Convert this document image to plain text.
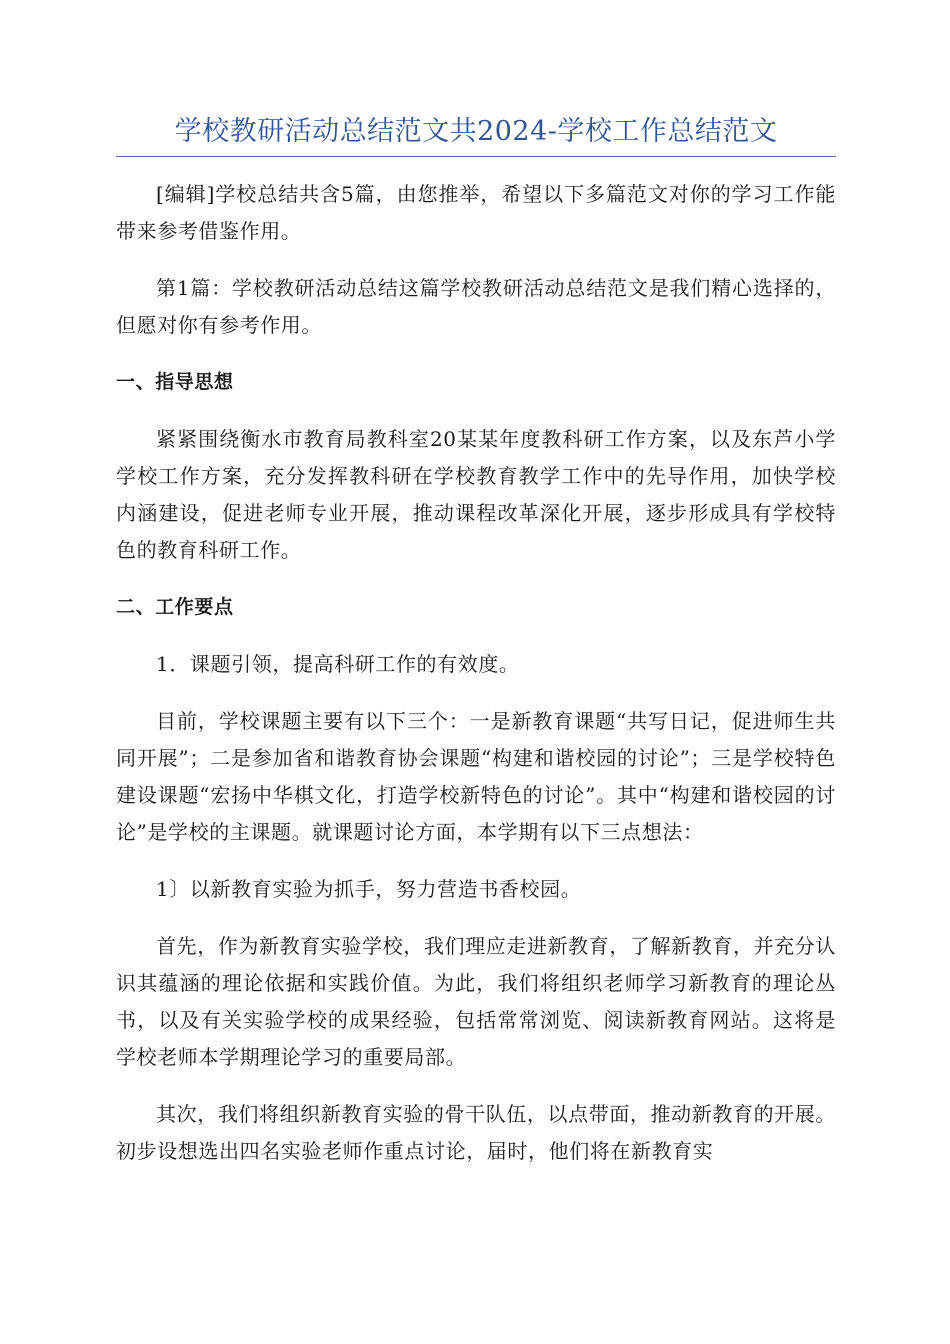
学校教研活动总结范文共2024-学校工作总结范文

[编辑]学校总结共含5篇，由您推举，希望以下多篇范文对你的学习工作能带来参考借鉴作用。

第1篇：学校教研活动总结这篇学校教研活动总结范文是我们精心选择的，但愿对你有参考作用。

一、指导思想

紧紧围绕衡水市教育局教科室20某某年度教科研工作方案，以及东芦小学学校工作方案，充分发挥教科研在学校教育教学工作中的先导作用，加快学校内涵建设，促进老师专业开展，推动课程改革深化开展，逐步形成具有学校特色的教育科研工作。

二、工作要点

1．课题引领，提高科研工作的有效度。

目前，学校课题主要有以下三个：一是新教育课题“共写日记，促进师生共同开展”；二是参加省和谐教育协会课题“构建和谐校园的讨论”；三是学校特色建设课题“宏扬中华棋文化，打造学校新特色的讨论”。其中“构建和谐校园的讨论”是学校的主课题。就课题讨论方面，本学期有以下三点想法：

1〕以新教育实验为抓手，努力营造书香校园。

首先，作为新教育实验学校，我们理应走进新教育，了解新教育，并充分认识其蕴涵的理论依据和实践价值。为此，我们将组织老师学习新教育的理论丛书，以及有关实验学校的成果经验，包括常常浏览、阅读新教育网站。这将是学校老师本学期理论学习的重要局部。

其次，我们将组织新教育实验的骨干队伍，以点带面，推动新教育的开展。初步设想选出四名实验老师作重点讨论，届时，他们将在新教育实
